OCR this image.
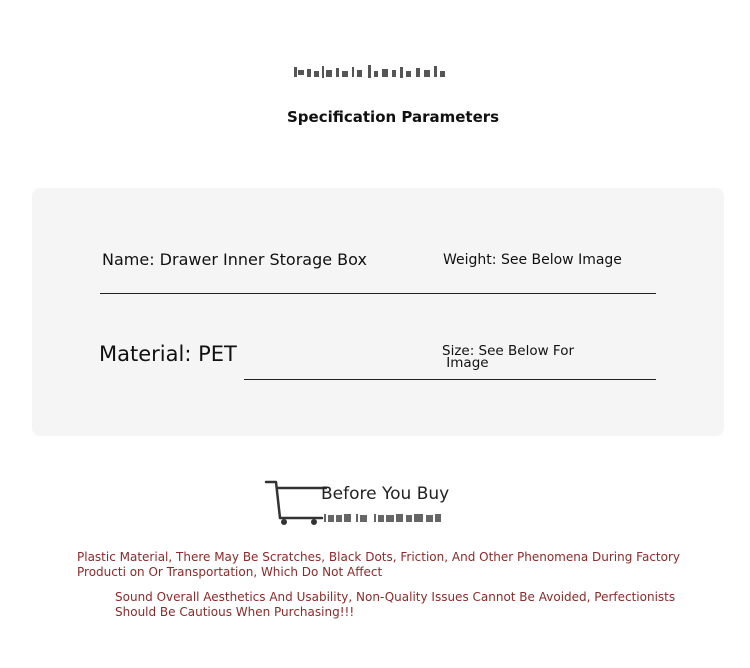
Specification Parameters
Name: Drawer Inner Storage Box	Weight: See Below Image
Material: PET	Size: See Below For
Image
Before You Buy
Plastic Material, There May Be Scratches, Black Dots, Friction, And Other Phenomena During Factory Producti on Or Transportation, Which Do Not Affect
Sound Overall Aesthetics And Usability, Non-Quality Issues Cannot Be Avoided, Perfectionists Should Be Cautious When Purchasing!!!
